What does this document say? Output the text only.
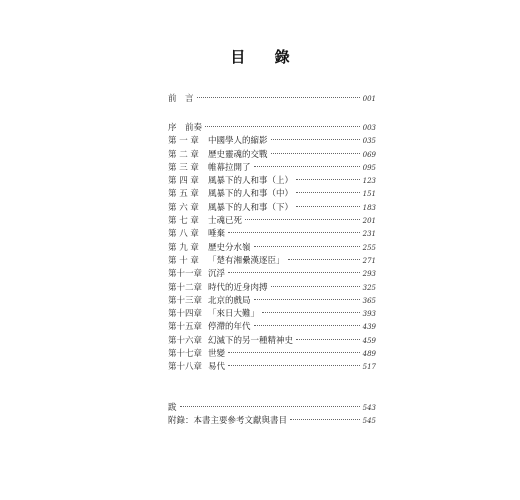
目 錄
前　言	001
序　前奏	003
第 一 章	中國學人的縮影	035
第 二 章	歷史靈魂的交戰	069
第 三 章	帷幕拉開了	095
第 四 章	風暴下的人和事（上）	123
第 五 章	風暴下的人和事（中）	151
第 六 章	風暴下的人和事（下）	183
第 七 章	士魂已死	201
第 八 章	唾棄	231
第 九 章	歷史分水嶺	255
第 十 章	「楚有湘纍漢逐臣」	271
第十一章 沉浮	293
第十二章 時代的近身肉搏	325
第十三章 北京的戲局	365
第十四章 「來日大難」	393
第十五章 停滯的年代	439
第十六章 幻滅下的另一種精神史	459
第十七章 世變	489
第十八章 易代	517
跋	543
附錄：本書主要參考文獻與書目	545
